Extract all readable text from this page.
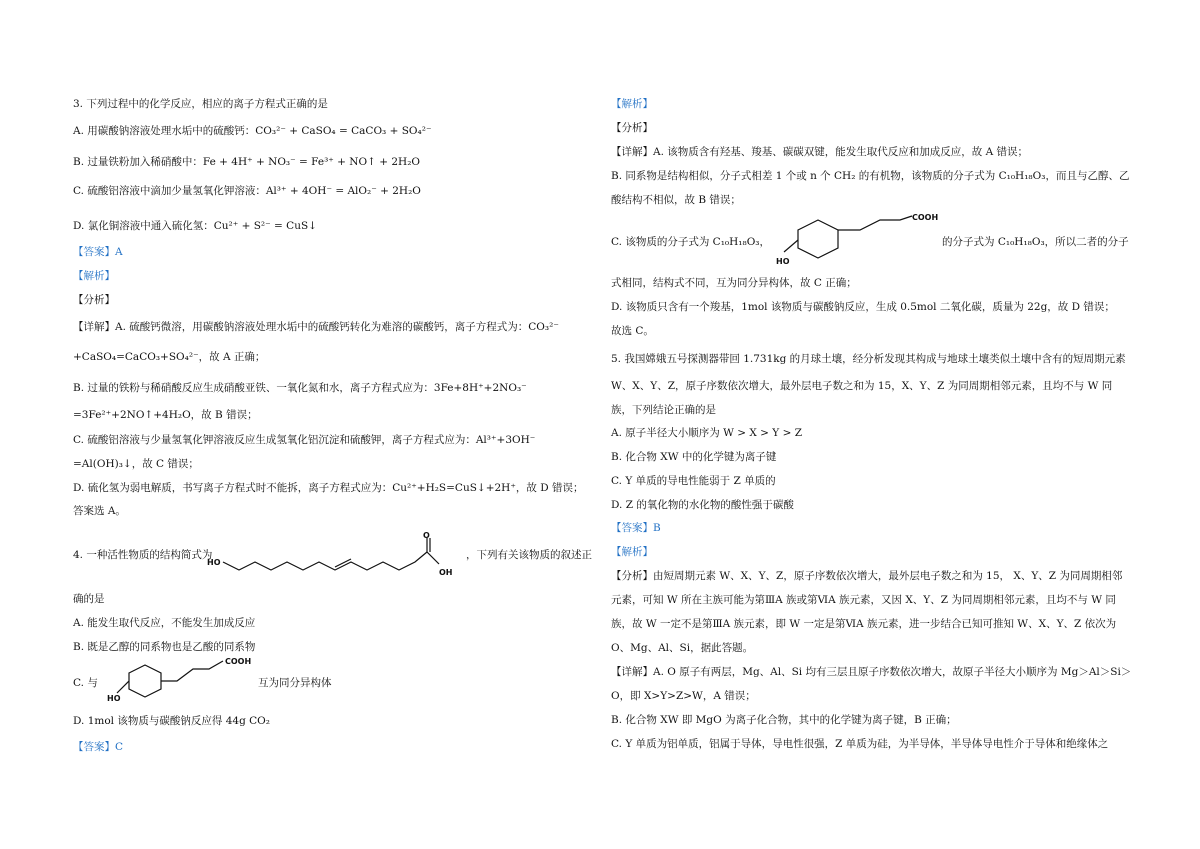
3. 下列过程中的化学反应，相应的离子方程式正确的是
A. 用碳酸钠溶液处理水垢中的硫酸钙：CO₃²⁻ + CaSO₄ = CaCO₃ + SO₄²⁻
B. 过量铁粉加入稀硝酸中：Fe + 4H⁺ + NO₃⁻ = Fe³⁺ + NO↑ + 2H₂O
C. 硫酸铝溶液中滴加少量氢氧化钾溶液：Al³⁺ + 4OH⁻ = AlO₂⁻ + 2H₂O
D. 氯化铜溶液中通入硫化氢：Cu²⁺ + S²⁻ = CuS↓
【答案】A
【解析】
【分析】
【详解】A. 硫酸钙微溶，用碳酸钠溶液处理水垢中的硫酸钙转化为难溶的碳酸钙，离子方程式为：CO₃²⁻
+CaSO₄=CaCO₃+SO₄²⁻，故 A 正确；
B. 过量的铁粉与稀硝酸反应生成硝酸亚铁、一氧化氮和水，离子方程式应为：3Fe+8H⁺+2NO₃⁻
=3Fe²⁺+2NO↑+4H₂O，故 B 错误；
C. 硫酸铝溶液与少量氢氧化钾溶液反应生成氢氧化铝沉淀和硫酸钾，离子方程式应为：Al³⁺+3OH⁻
=Al(OH)₃↓，故 C 错误；
D. 硫化氢为弱电解质，书写离子方程式时不能拆，离子方程式应为：Cu²⁺+H₂S=CuS↓+2H⁺，故 D 错误；
答案选 A。
4. 一种活性物质的结构简式为
HO
O
OH
，下列有关该物质的叙述正
确的是
A. 能发生取代反应，不能发生加成反应
B. 既是乙醇的同系物也是乙酸的同系物
C. 与
HO
COOH
互为同分异构体
D. 1mol 该物质与碳酸钠反应得 44g CO₂
【答案】C
【解析】
【分析】
【详解】A. 该物质含有羟基、羧基、碳碳双键，能发生取代反应和加成反应，故 A 错误；
B. 同系物是结构相似，分子式相差 1 个或 n 个 CH₂ 的有机物，该物质的分子式为 C₁₀H₁₈O₃，而且与乙醇、乙
酸结构不相似，故 B 错误；
C. 该物质的分子式为 C₁₀H₁₈O₃，
HO
COOH
的分子式为 C₁₀H₁₈O₃，所以二者的分子
式相同，结构式不同，互为同分异构体，故 C 正确；
D. 该物质只含有一个羧基，1mol 该物质与碳酸钠反应，生成 0.5mol 二氧化碳，质量为 22g，故 D 错误；
故选 C。
5. 我国嫦娥五号探测器带回 1.731kg 的月球土壤，经分析发现其构成与地球土壤类似土壤中含有的短周期元素
W、X、Y、Z，原子序数依次增大，最外层电子数之和为 15，X、Y、Z 为同周期相邻元素，且均不与 W 同
族，下列结论正确的是
A. 原子半径大小顺序为 W > X > Y > Z
B. 化合物 XW 中的化学键为离子键
C. Y 单质的导电性能弱于 Z 单质的
D. Z 的氧化物的水化物的酸性强于碳酸
【答案】B
【解析】
【分析】由短周期元素 W、X、Y、Z，原子序数依次增大，最外层电子数之和为 15， X、Y、Z 为同周期相邻
元素，可知 W 所在主族可能为第ⅢA 族或第ⅥA 族元素，又因 X、Y、Z 为同周期相邻元素，且均不与 W 同
族，故 W 一定不是第ⅢA 族元素，即 W 一定是第ⅥA 族元素，进一步结合已知可推知 W、X、Y、Z 依次为
O、Mg、Al、Si，据此答题。
【详解】A. O 原子有两层，Mg、Al、Si 均有三层且原子序数依次增大，故原子半径大小顺序为 Mg＞Al＞Si＞
O，即 X>Y>Z>W，A 错误；
B. 化合物 XW 即 MgO 为离子化合物，其中的化学键为离子键，B 正确；
C. Y 单质为铝单质，铝属于导体，导电性很强，Z 单质为硅，为半导体，半导体导电性介于导体和绝缘体之
